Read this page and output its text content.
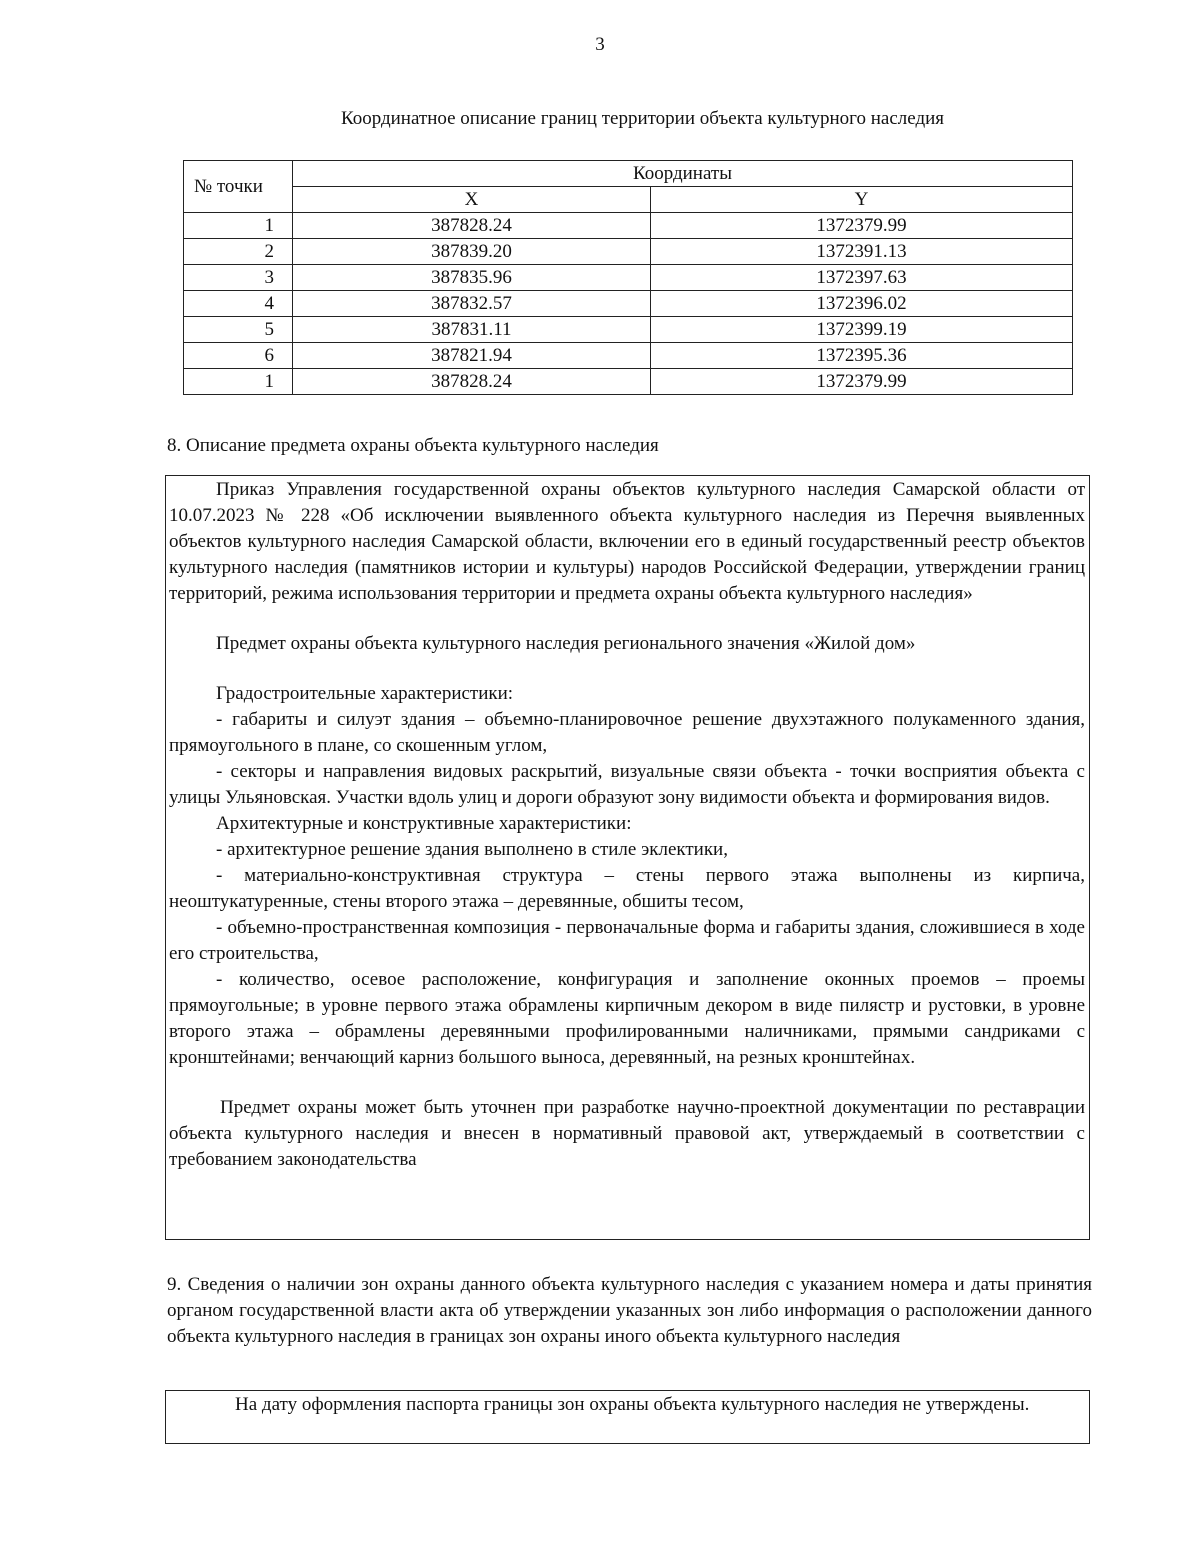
3
Координатное описание границ территории объекта культурного наследия
№ точки	Координаты	
	X	Y
1	387828.24	1372379.99
2	387839.20	1372391.13
3	387835.96	1372397.63
4	387832.57	1372396.02
5	387831.11	1372399.19
6	387821.94	1372395.36
1	387828.24	1372379.99
8. Описание предмета охраны объекта культурного наследия

Приказ Управления государственной охраны объектов культурного наследия Самарской области от 10.07.2023 № 228 «Об исключении выявленного объекта культурного наследия из Перечня выявленных объектов культурного наследия Самарской области, включении его в единый государственный реестр объектов культурного наследия (памятников истории и культуры) народов Российской Федерации, утверждении границ территорий, режима использования территории и предмета охраны объекта культурного наследия»

Предмет охраны объекта культурного наследия регионального значения «Жилой дом»

Градостроительные характеристики:

- габариты и силуэт здания – объемно-планировочное решение двухэтажного полукаменного здания, прямоугольного в плане, со скошенным углом,

- секторы и направления видовых раскрытий, визуальные связи объекта - точки восприятия объекта с улицы Ульяновская. Участки вдоль улиц и дороги образуют зону видимости объекта и формирования видов.

Архитектурные и конструктивные характеристики:

- архитектурное решение здания выполнено в стиле эклектики,

- материально-конструктивная структура – стены первого этажа выполнены из кирпича, неоштукатуренные, стены второго этажа – деревянные, обшиты тесом,

- объемно-пространственная композиция - первоначальные форма и габариты здания, сложившиеся в ходе его строительства,

- количество, осевое расположение, конфигурация и заполнение оконных проемов – проемы прямоугольные; в уровне первого этажа обрамлены кирпичным декором в виде пилястр и рустовки, в уровне второго этажа – обрамлены деревянными профилированными наличниками, прямыми сандриками с кронштейнами; венчающий карниз большого выноса, деревянный, на резных кронштейнах.

Предмет охраны может быть уточнен при разработке научно-проектной документации по реставрации объекта культурного наследия и внесен в нормативный правовой акт, утверждаемый в соответствии с требованием законодательства

9. Сведения о наличии зон охраны данного объекта культурного наследия с указанием номера и даты принятия органом государственной власти акта об утверждении указанных зон либо информация о расположении данного объекта культурного наследия в границах зон охраны иного объекта культурного наследия

На дату оформления паспорта границы зон охраны объекта культурного наследия не утверждены.
